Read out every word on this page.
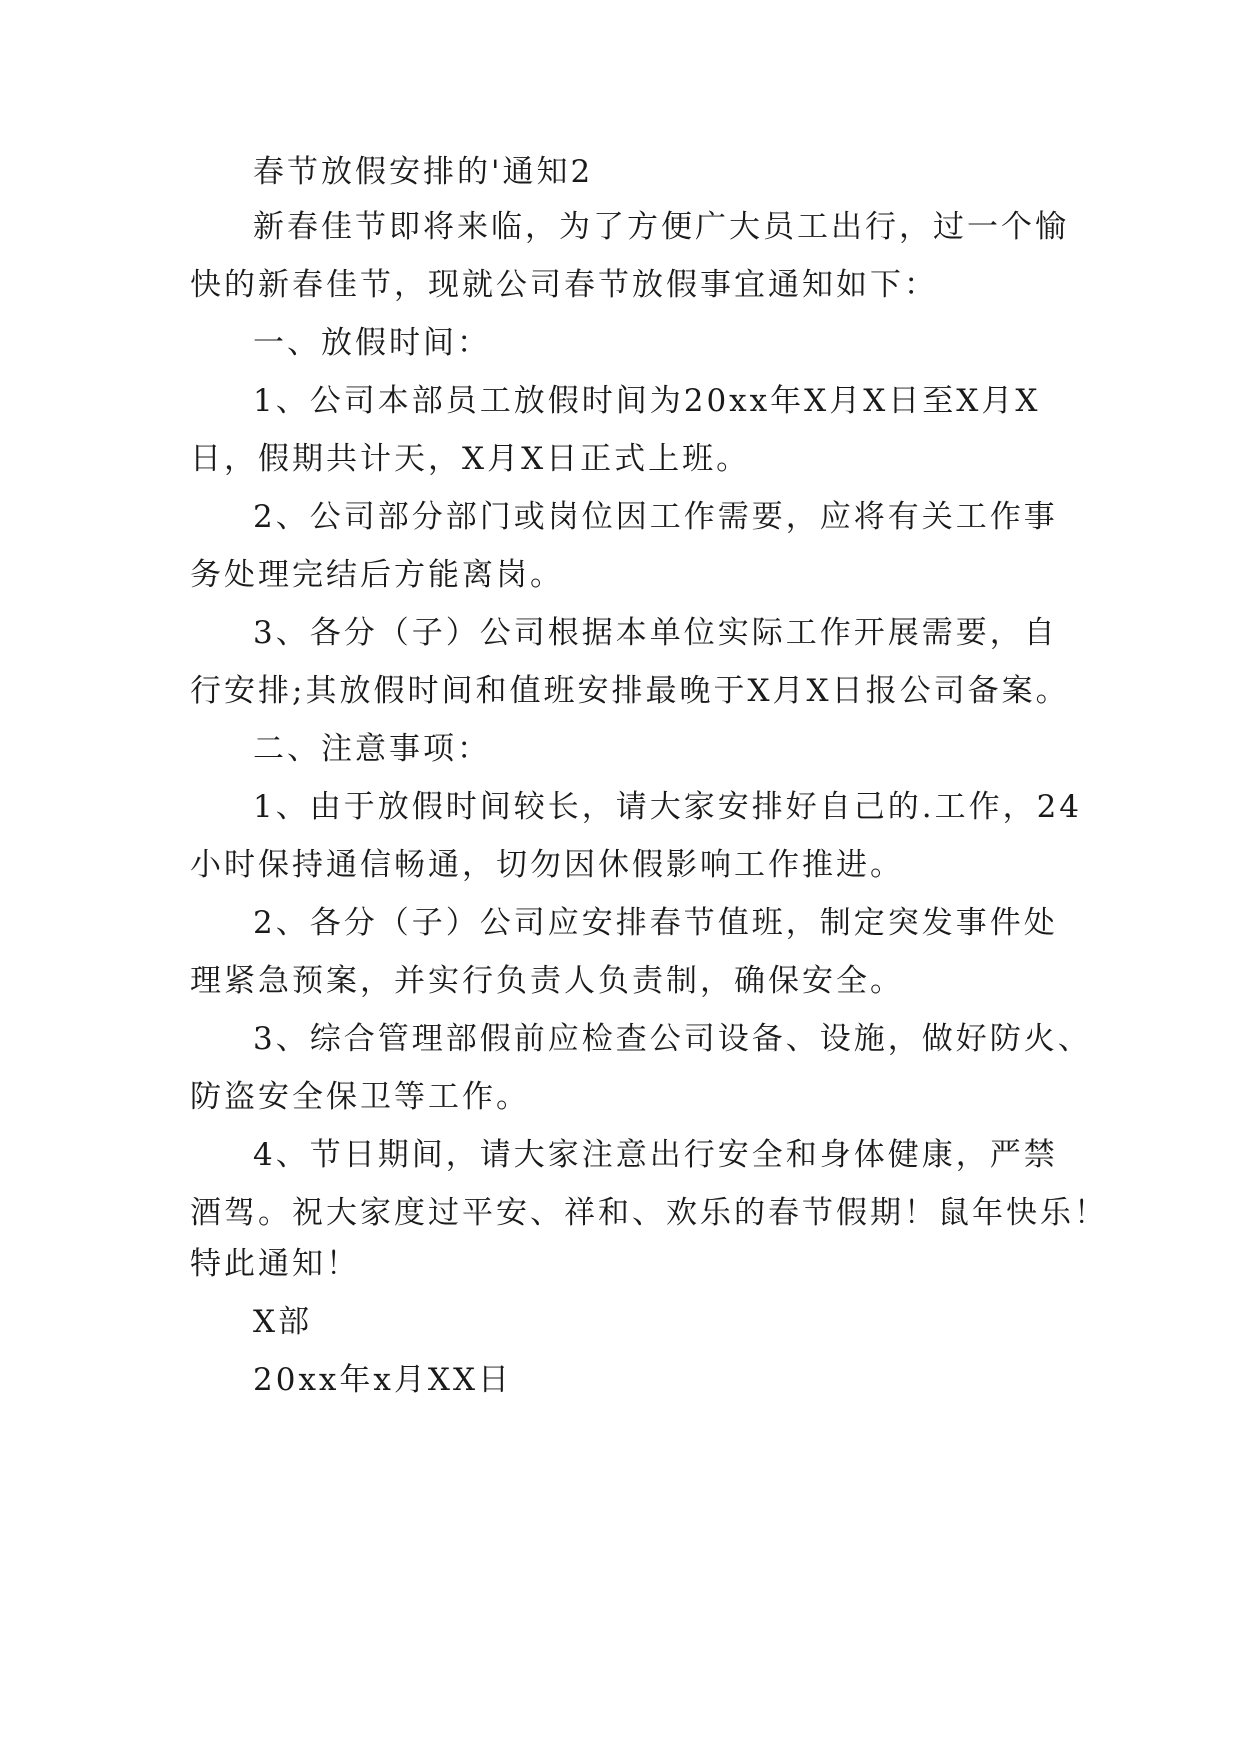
春节放假安排的'通知2
新春佳节即将来临，为了方便广大员工出行，过一个愉
快的新春佳节，现就公司春节放假事宜通知如下：
一、放假时间：
1、公司本部员工放假时间为20xx年X月X日至X月X
日，假期共计天，X月X日正式上班。
2、公司部分部门或岗位因工作需要，应将有关工作事
务处理完结后方能离岗。
3、各分（子）公司根据本单位实际工作开展需要，自
行安排;其放假时间和值班安排最晚于X月X日报公司备案。
二、注意事项：
1、由于放假时间较长，请大家安排好自己的.工作，24
小时保持通信畅通，切勿因休假影响工作推进。
2、各分（子）公司应安排春节值班，制定突发事件处
理紧急预案，并实行负责人负责制，确保安全。
3、综合管理部假前应检查公司设备、设施，做好防火、
防盗安全保卫等工作。
4、节日期间，请大家注意出行安全和身体健康，严禁
酒驾。祝大家度过平安、祥和、欢乐的春节假期！鼠年快乐！
特此通知！
X部
20xx年x月XX日
